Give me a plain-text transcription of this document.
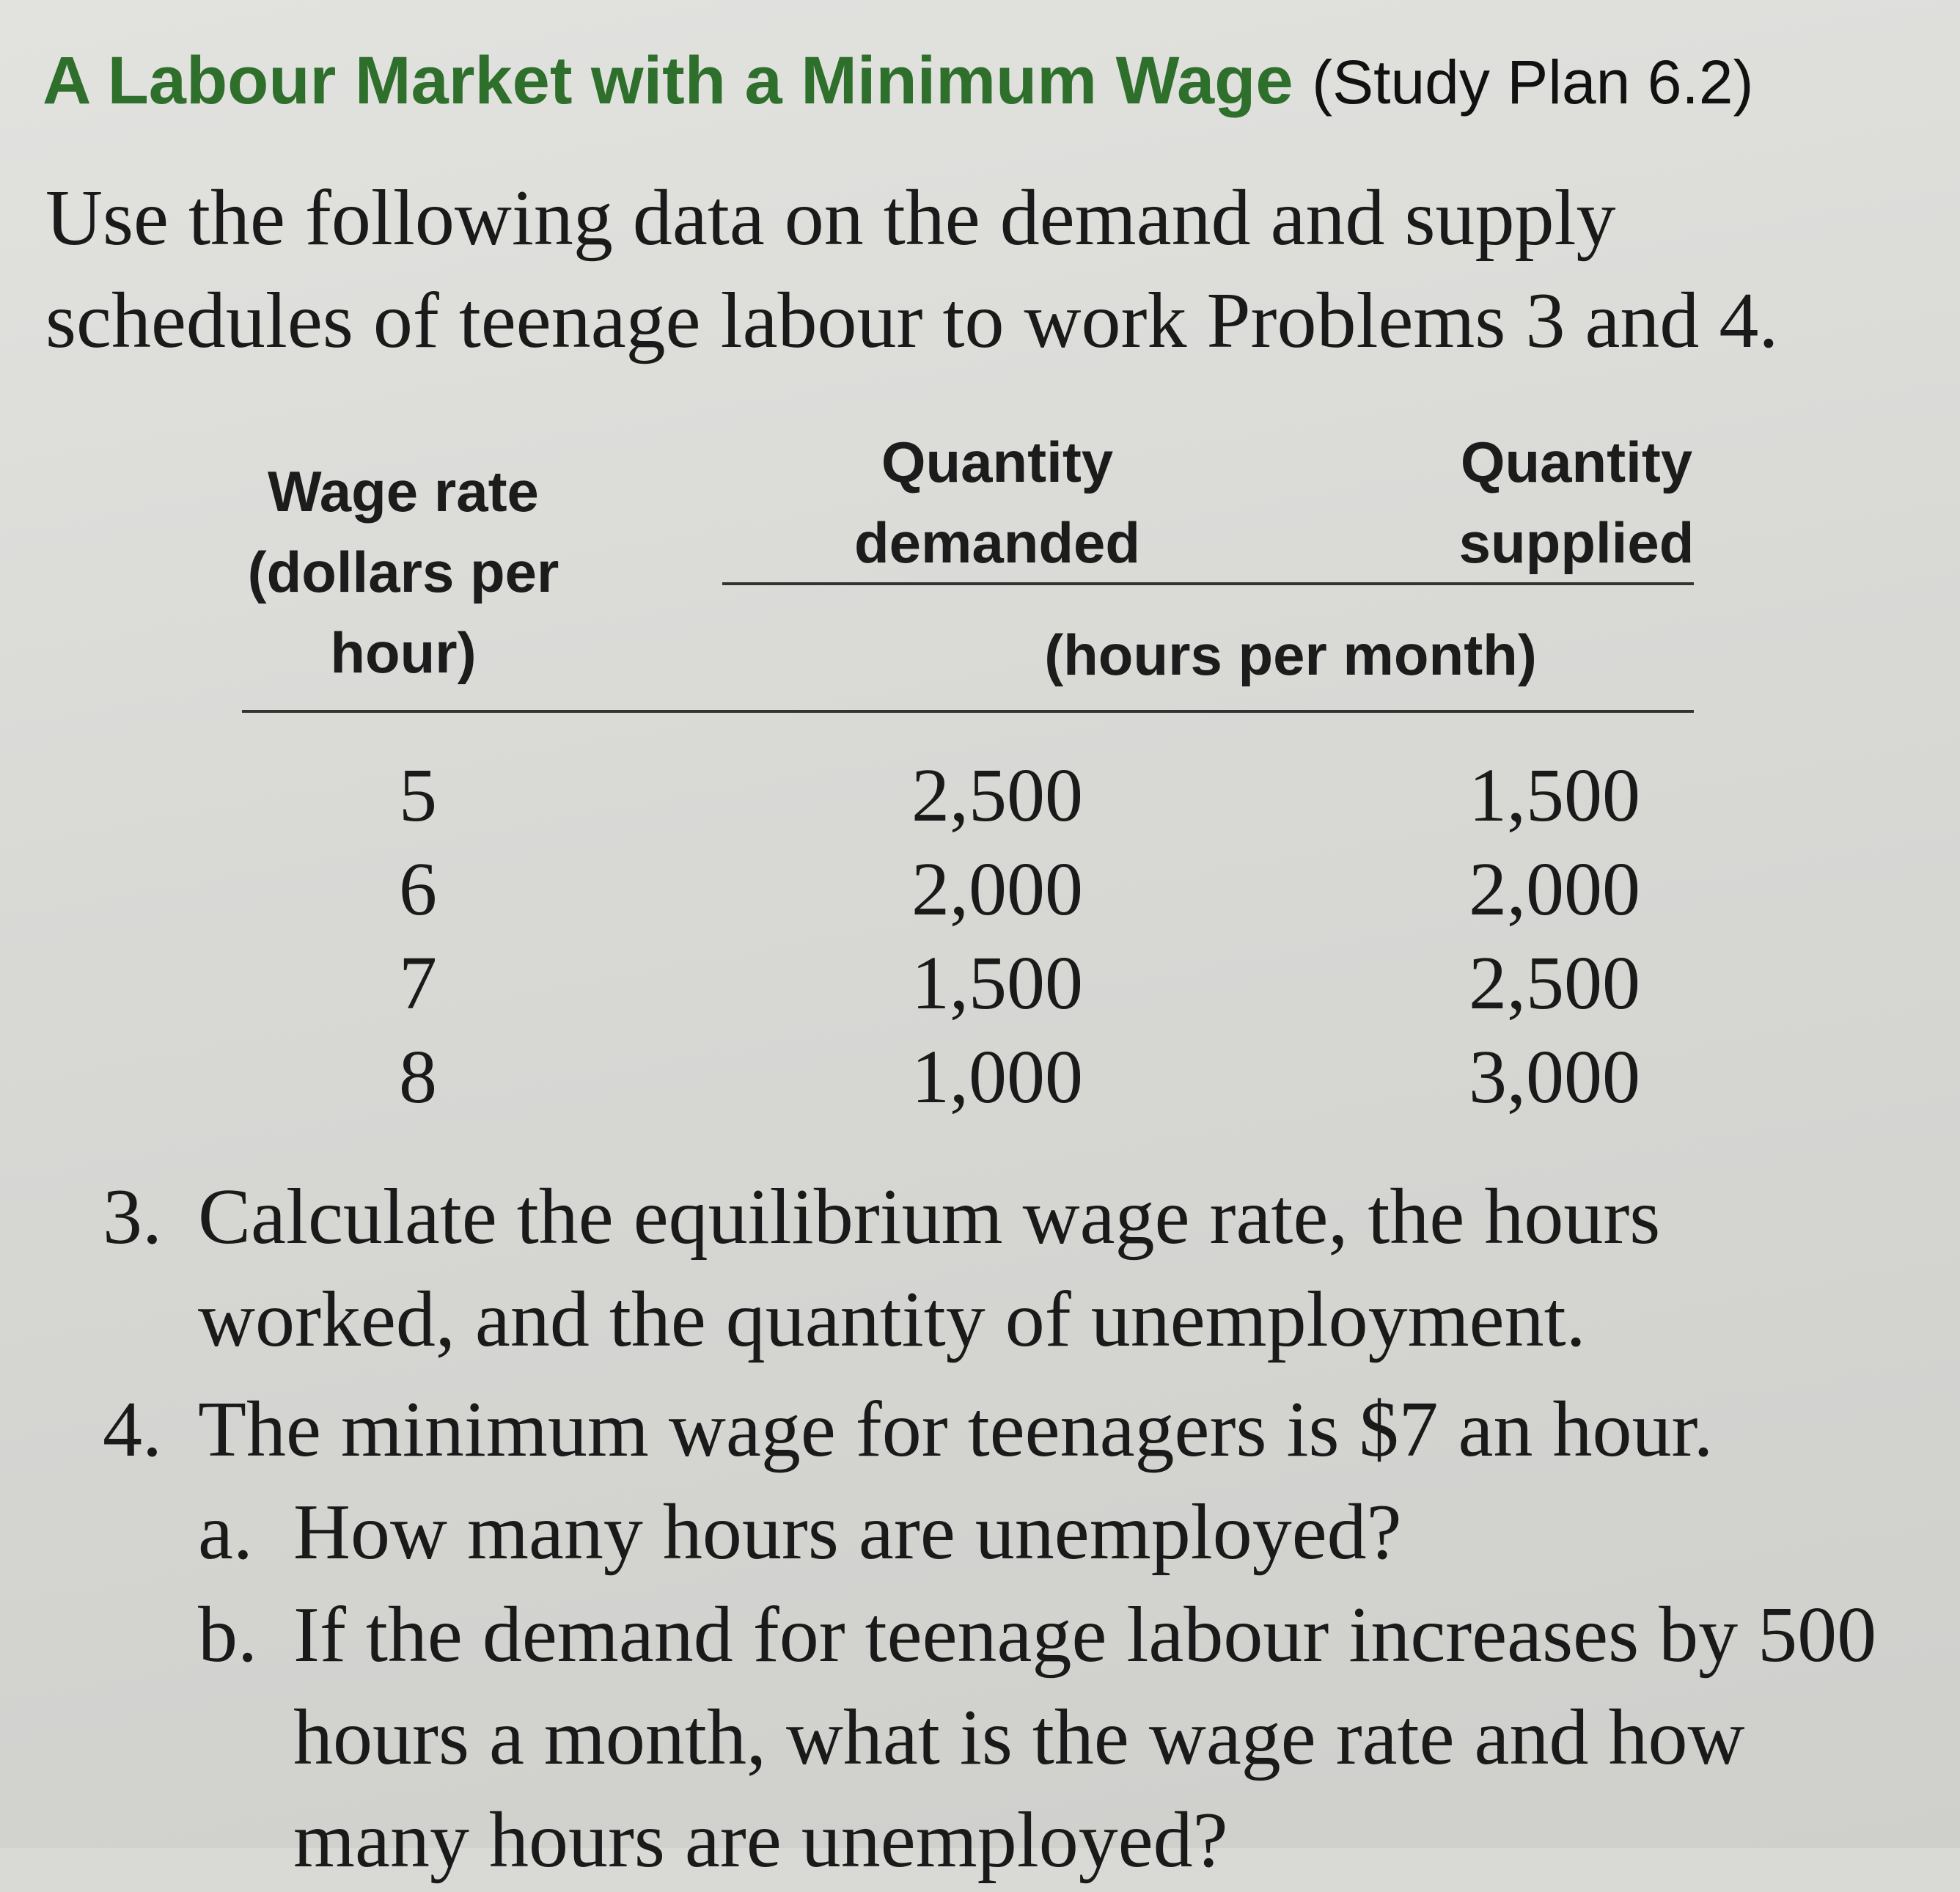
A Labour Market with a Minimum Wage (Study Plan 6.2)
Use the following data on the demand and supply schedules of teenage labour to work Problems 3 and 4.
Wage rate (dollars per hour)
Quantity demanded
Quantity supplied
(hours per month)
5	2,500	1,500
6	2,000	2,000
7	1,500	2,500
8	1,000	3,000
3. Calculate the equilibrium wage rate, the hours worked, and the quantity of unemployment.
4. The minimum wage for teenagers is $7 an hour.
a. How many hours are unemployed?
b. If the demand for teenage labour increases by 500 hours a month, what is the wage rate and how many hours are unemployed?
